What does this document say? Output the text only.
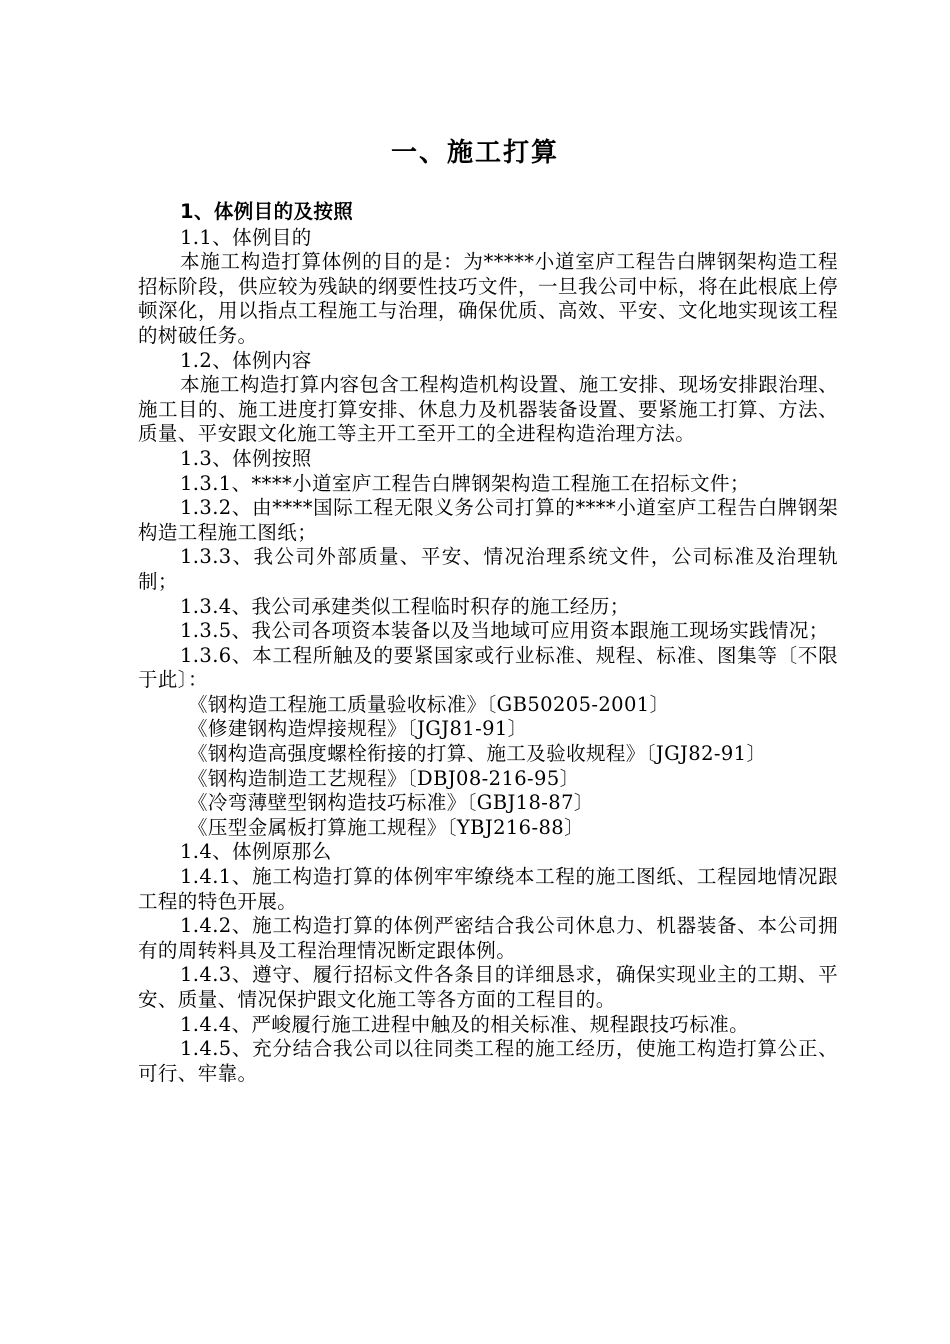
一、施工打算
1、体例目的及按照
1.1、体例目的

本施工构造打算体例的目的是：为*****小道室庐工程告白牌钢架构造工程招标阶段，供应较为残缺的纲要性技巧文件，一旦我公司中标，将在此根底上停顿深化，用以指点工程施工与治理，确保优质、高效、平安、文化地实现该工程的树破任务。

1.2、体例内容

本施工构造打算内容包含工程构造机构设置、施工安排、现场安排跟治理、施工目的、施工进度打算安排、休息力及机器装备设置、要紧施工打算、方法、质量、平安跟文化施工等主开工至开工的全进程构造治理方法。

1.3、体例按照

1.3.1、****小道室庐工程告白牌钢架构造工程施工在招标文件；

1.3.2、由****国际工程无限义务公司打算的****小道室庐工程告白牌钢架构造工程施工图纸；

1.3.3、我公司外部质量、平安、情况治理系统文件，公司标准及治理轨制；

1.3.4、我公司承建类似工程临时积存的施工经历；

1.3.5、我公司各项资本装备以及当地域可应用资本跟施工现场实践情况；

1.3.6、本工程所触及的要紧国家或行业标准、规程、标准、图集等〔不限于此〕：

《钢构造工程施工质量验收标准》〔GB50205-2001〕

《修建钢构造焊接规程》〔JGJ81-91〕

《钢构造高强度螺栓衔接的打算、施工及验收规程》〔JGJ82-91〕

《钢构造制造工艺规程》〔DBJ08-216-95〕

《冷弯薄壁型钢构造技巧标准》〔GBJ18-87〕

《压型金属板打算施工规程》〔YBJ216-88〕

1.4、体例原那么

1.4.1、施工构造打算的体例牢牢缭绕本工程的施工图纸、工程园地情况跟工程的特色开展。

1.4.2、施工构造打算的体例严密结合我公司休息力、机器装备、本公司拥有的周转料具及工程治理情况断定跟体例。

1.4.3、遵守、履行招标文件各条目的详细恳求，确保实现业主的工期、平安、质量、情况保护跟文化施工等各方面的工程目的。

1.4.4、严峻履行施工进程中触及的相关标准、规程跟技巧标准。

1.4.5、充分结合我公司以往同类工程的施工经历，使施工构造打算公正、可行、牢靠。
